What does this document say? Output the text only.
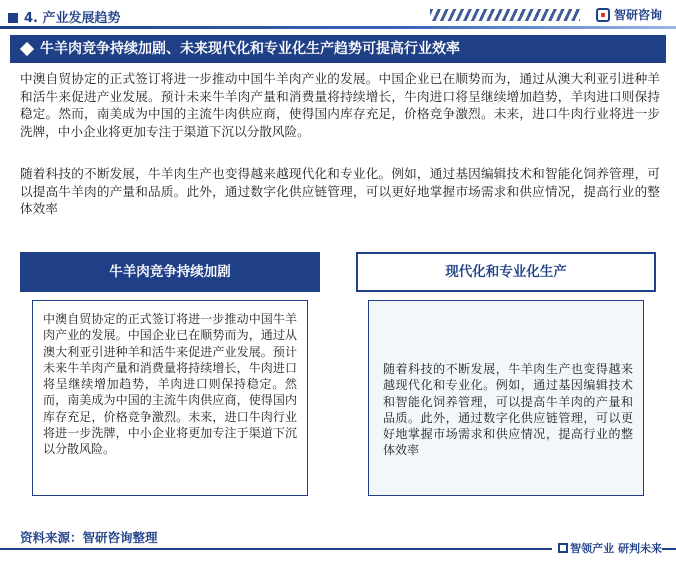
4. 产业发展趋势	智研咨询
牛羊肉竞争持续加剧、未来现代化和专业化生产趋势可提高行业效率

中澳自贸协定的正式签订将进一步推动中国牛羊肉产业的发展。中国企业已在顺势而为，通过从澳大利亚引进种羊和活牛来促进产业发展。预计未来牛羊肉产量和消费量将持续增长，牛肉进口将呈继续增加趋势，羊肉进口则保持稳定。然而，南美成为中国的主流牛肉供应商，使得国内库存充足，价格竞争激烈。未来，进口牛肉行业将进一步洗牌，中小企业将更加专注于渠道下沉以分散风险。

随着科技的不断发展，牛羊肉生产也变得越来越现代化和专业化。例如，通过基因编辑技术和智能化饲养管理，可以提高牛羊肉的产量和品质。此外，通过数字化供应链管理，可以更好地掌握市场需求和供应情况，提高行业的整体效率

牛羊肉竞争持续加剧
中澳自贸协定的正式签订将进一步推动中国牛羊肉产业的发展。中国企业已在顺势而为，通过从澳大利亚引进种羊和活牛来促进产业发展。预计未来牛羊肉产量和消费量将持续增长，牛肉进口将呈继续增加趋势，羊肉进口则保持稳定。然而，南美成为中国的主流牛肉供应商，使得国内库存充足，价格竞争激烈。未来，进口牛肉行业将进一步洗牌，中小企业将更加专注于渠道下沉以分散风险。
现代化和专业化生产
随着科技的不断发展，牛羊肉生产也变得越来越现代化和专业化。例如，通过基因编辑技术和智能化饲养管理，可以提高牛羊肉的产量和品质。此外，通过数字化供应链管理，可以更好地掌握市场需求和供应情况，提高行业的整体效率
资料来源：智研咨询整理
智领产业 研判未来
